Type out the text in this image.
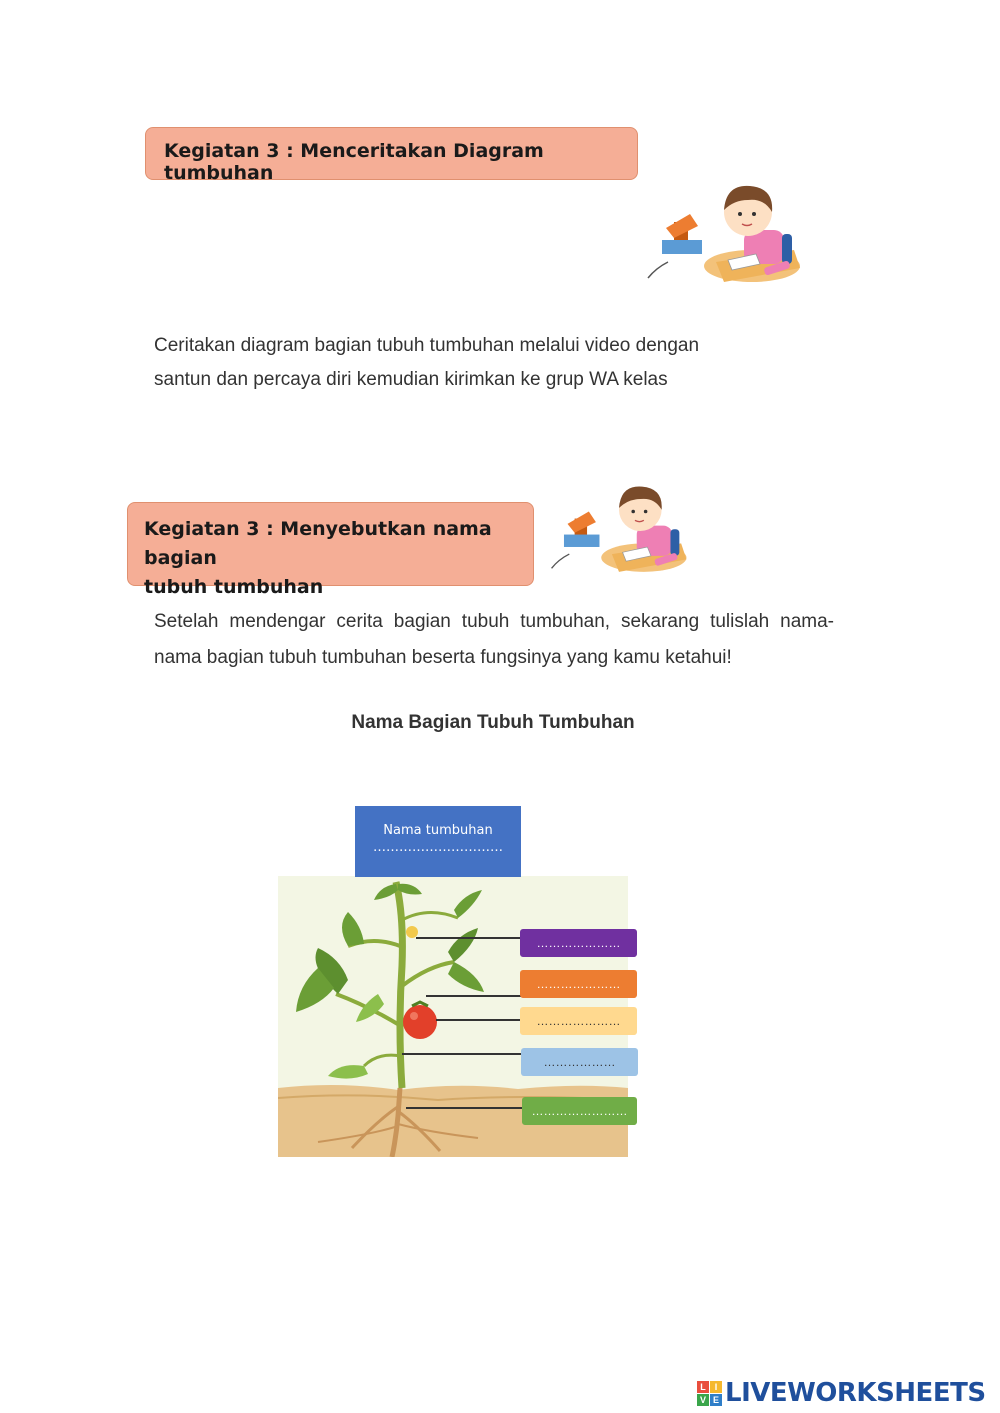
Kegiatan 3 : Menceritakan Diagram tumbuhan
Ceritakan diagram bagian tubuh tumbuhan melalui video dengan
santun dan percaya diri kemudian kirimkan ke grup WA kelas
Kegiatan 3 : Menyebutkan nama bagian
tubuh tumbuhan
Setelah mendengar cerita bagian tubuh tumbuhan, sekarang tulislah nama-nama bagian tubuh tumbuhan beserta fungsinya yang kamu ketahui!
Nama Bagian Tubuh Tumbuhan
Nama tumbuhan
…………………………
…………………
…………………
…………………
………………
……………………
L I
V E LIVEWORKSHEETS
